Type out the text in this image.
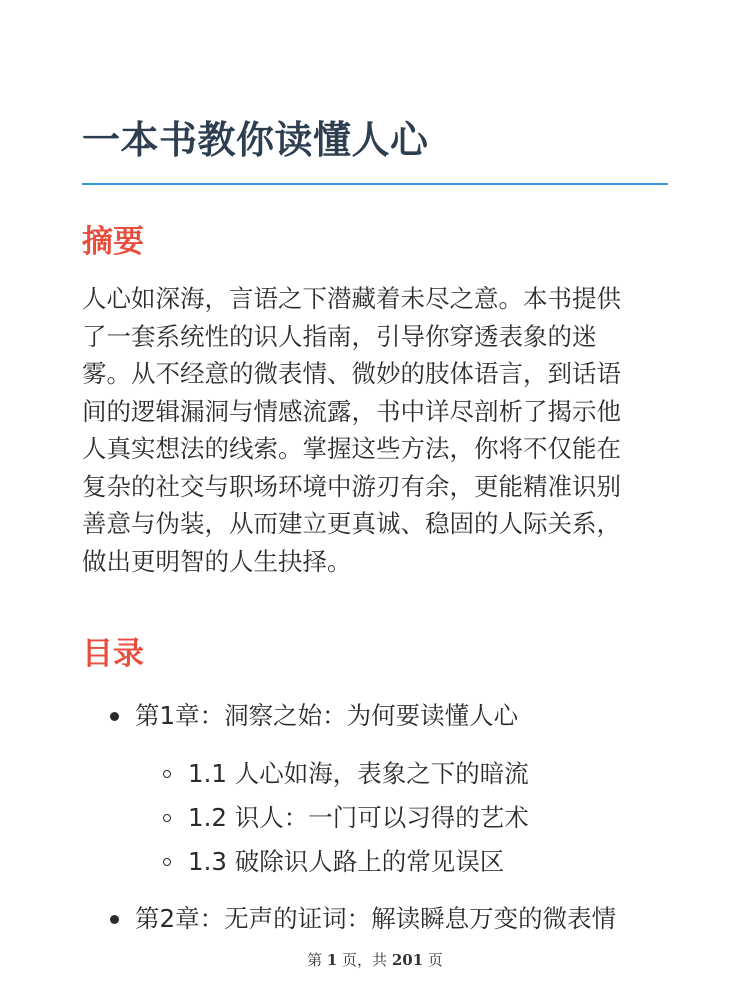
一本书教你读懂人心
摘要

人心如深海，言语之下潜藏着未尽之意。本书提供
了一套系统性的识人指南，引导你穿透表象的迷
雾。从不经意的微表情、微妙的肢体语言，到话语
间的逻辑漏洞与情感流露，书中详尽剖析了揭示他
人真实想法的线索。掌握这些方法，你将不仅能在
复杂的社交与职场环境中游刃有余，更能精准识别
善意与伪装，从而建立更真诚、稳固的人际关系，
做出更明智的人生抉择。

目录
第1章：洞察之始：为何要读懂人心
1.1 人心如海，表象之下的暗流
1.2 识人：一门可以习得的艺术
1.3 破除识人路上的常见误区
第2章：无声的证词：解读瞬息万变的微表情
第 1 页，共 201 页
